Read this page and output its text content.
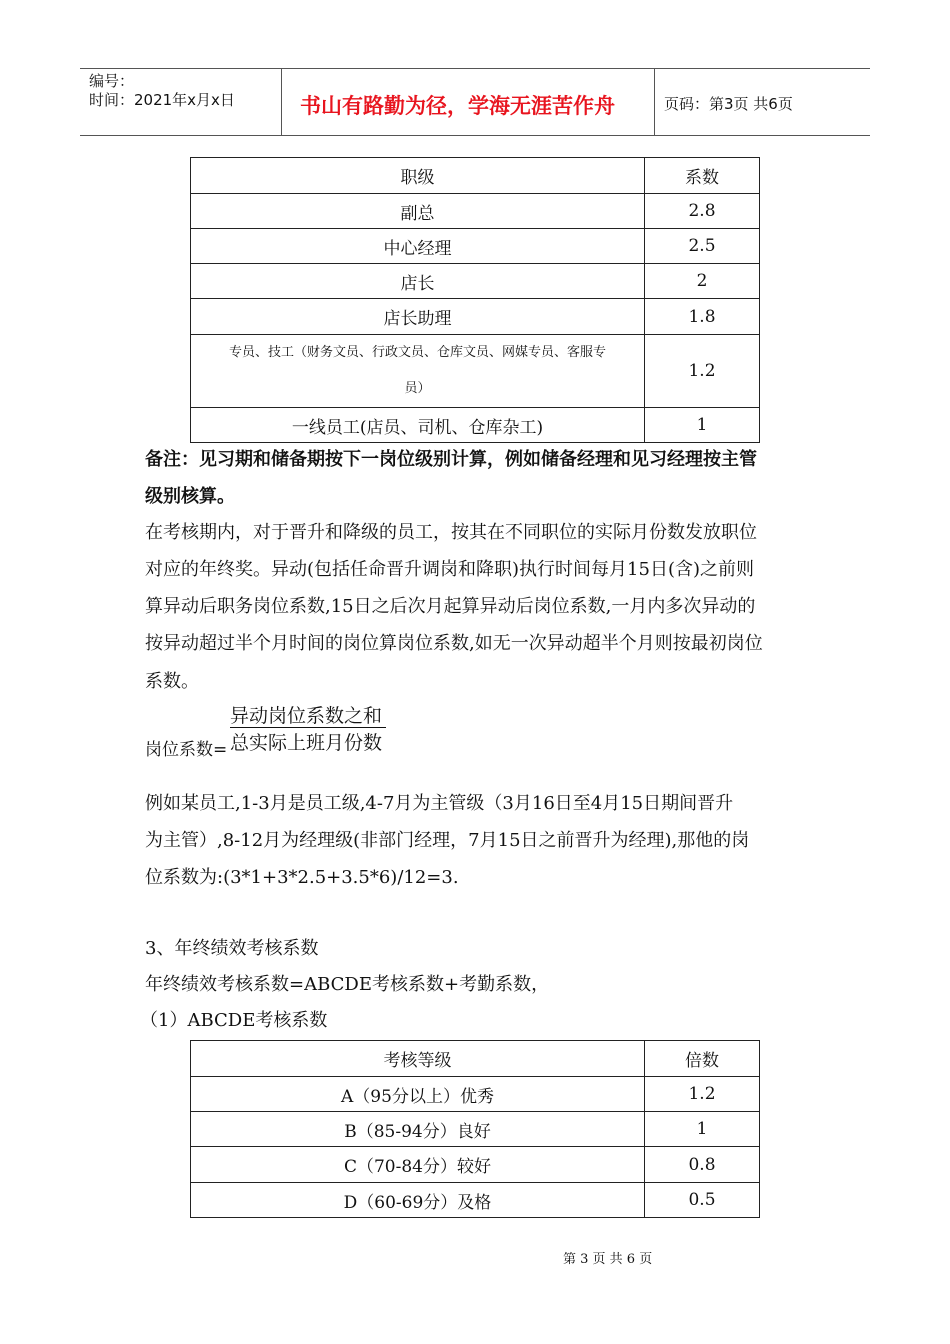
编号：
时间：2021年x月x日	书山有路勤为径，学海无涯苦作舟	页码：第3页 共6页
职级	系数
副总	2.8
中心经理	2.5
店长	2
店长助理	1.8

专员、技工（财务文员、行政文员、仓库文员、网媒专员、客服专
员）	1.2
一线员工(店员、司机、仓库杂工)	1
备注：见习期和储备期按下一岗位级别计算，例如储备经理和见习经理按主管
级别核算。
在考核期内，对于晋升和降级的员工，按其在不同职位的实际月份数发放职位
对应的年终奖。异动(包括任命晋升调岗和降职)执行时间每月15日(含)之前则
算异动后职务岗位系数,15日之后次月起算异动后岗位系数,一月内多次异动的
按异动超过半个月时间的岗位算岗位系数,如无一次异动超半个月则按最初岗位
系数。
岗位系数=
异动岗位系数之和
总实际上班月份数
例如某员工,1-3月是员工级,4-7月为主管级（3月16日至4月15日期间晋升
为主管）,8-12月为经理级(非部门经理，7月15日之前晋升为经理),那他的岗
位系数为:(3*1+3*2.5+3.5*6)/12=3.
3、年终绩效考核系数
年终绩效考核系数=ABCDE考核系数+考勤系数，
（1）ABCDE考核系数
考核等级	倍数
A（95分以上）优秀	1.2
B（85-94分）良好	1
C（70-84分）较好	0.8
D（60-69分）及格	0.5
第 3 页 共 6 页
